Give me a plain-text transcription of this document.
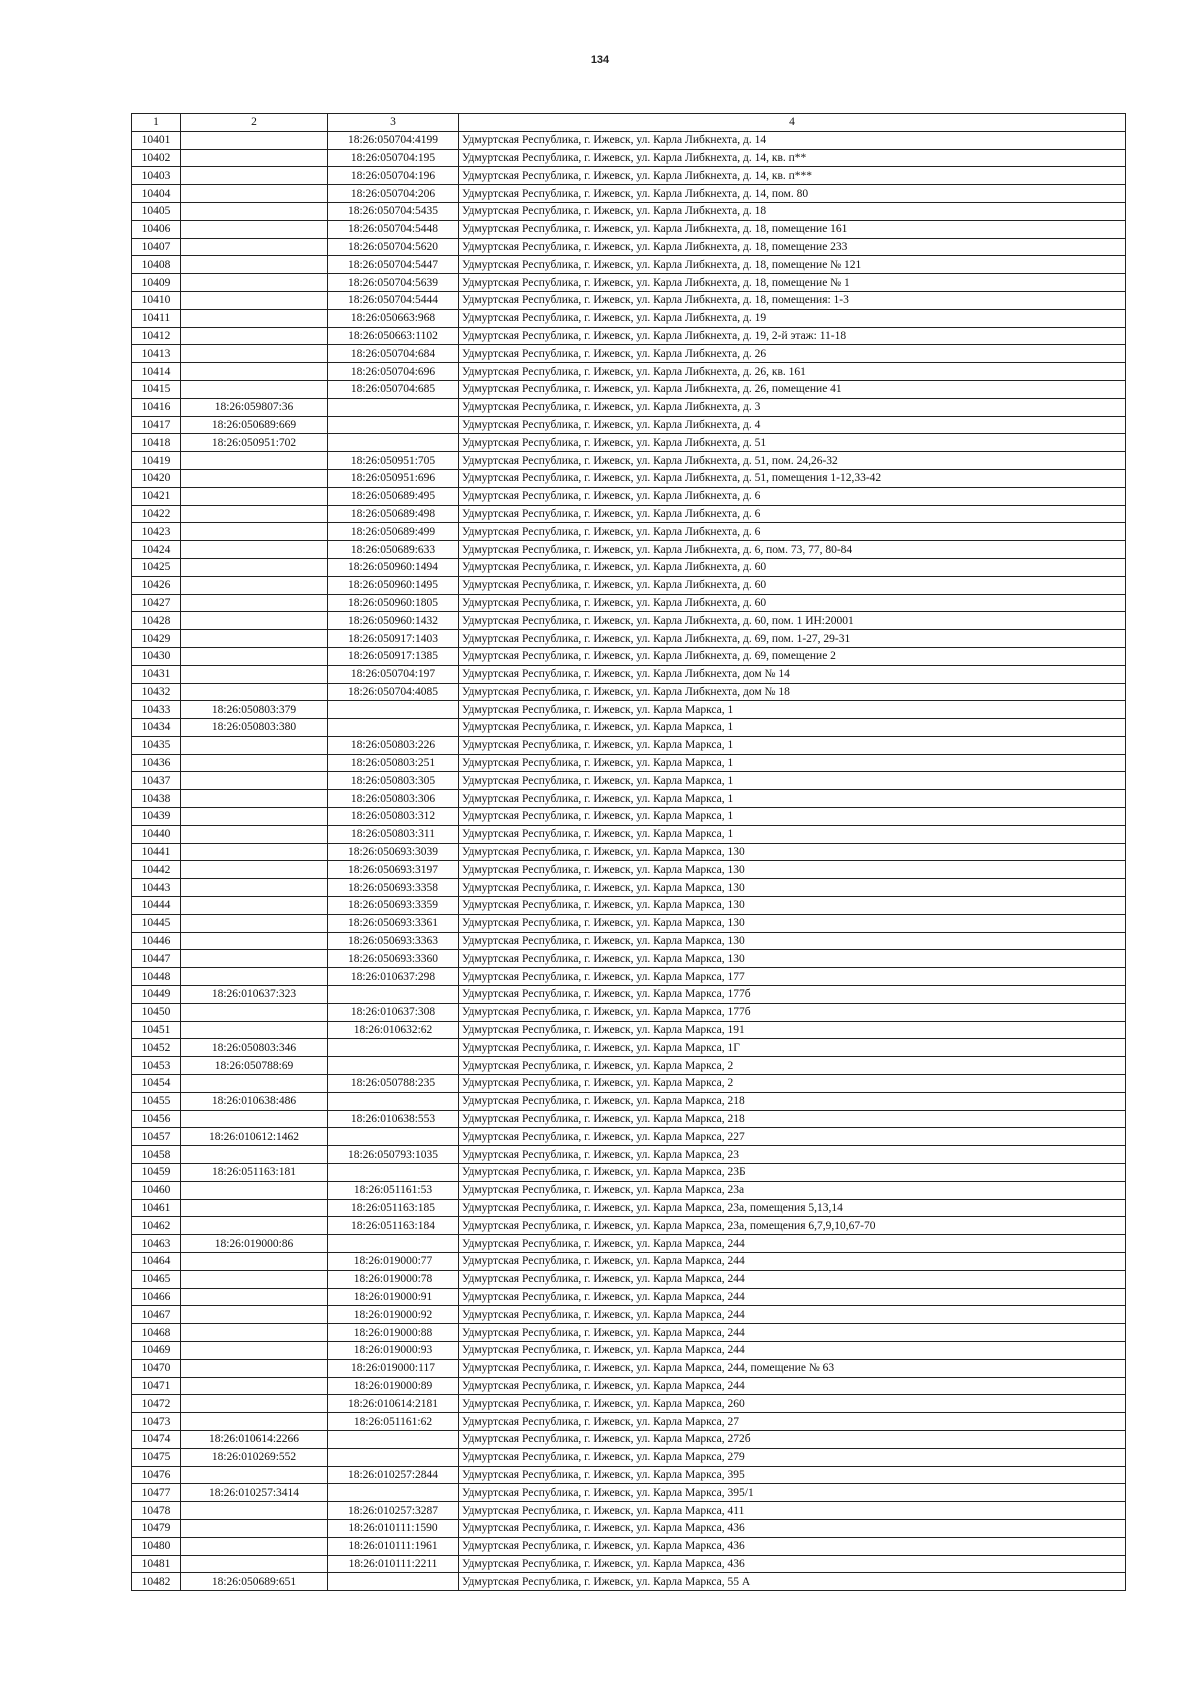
134
1	2	3	4
10401		18:26:050704:4199	Удмуртская Республика, г. Ижевск, ул. Карла Либкнехта, д. 14
10402		18:26:050704:195	Удмуртская Республика, г. Ижевск, ул. Карла Либкнехта, д. 14, кв. п**
10403		18:26:050704:196	Удмуртская Республика, г. Ижевск, ул. Карла Либкнехта, д. 14, кв. п***
10404		18:26:050704:206	Удмуртская Республика, г. Ижевск, ул. Карла Либкнехта, д. 14, пом. 80
10405		18:26:050704:5435	Удмуртская Республика, г. Ижевск, ул. Карла Либкнехта, д. 18
10406		18:26:050704:5448	Удмуртская Республика, г. Ижевск, ул. Карла Либкнехта, д. 18, помещение 161
10407		18:26:050704:5620	Удмуртская Республика, г. Ижевск, ул. Карла Либкнехта, д. 18, помещение 233
10408		18:26:050704:5447	Удмуртская Республика, г. Ижевск, ул. Карла Либкнехта, д. 18, помещение № 121
10409		18:26:050704:5639	Удмуртская Республика, г. Ижевск, ул. Карла Либкнехта, д. 18, помещение № 1
10410		18:26:050704:5444	Удмуртская Республика, г. Ижевск, ул. Карла Либкнехта, д. 18, помещения: 1-3
10411		18:26:050663:968	Удмуртская Республика, г. Ижевск, ул. Карла Либкнехта, д. 19
10412		18:26:050663:1102	Удмуртская Республика, г. Ижевск, ул. Карла Либкнехта, д. 19, 2-й этаж: 11-18
10413		18:26:050704:684	Удмуртская Республика, г. Ижевск, ул. Карла Либкнехта, д. 26
10414		18:26:050704:696	Удмуртская Республика, г. Ижевск, ул. Карла Либкнехта, д. 26, кв. 161
10415		18:26:050704:685	Удмуртская Республика, г. Ижевск, ул. Карла Либкнехта, д. 26, помещение 41
10416	18:26:059807:36		Удмуртская Республика, г. Ижевск, ул. Карла Либкнехта, д. 3
10417	18:26:050689:669		Удмуртская Республика, г. Ижевск, ул. Карла Либкнехта, д. 4
10418	18:26:050951:702		Удмуртская Республика, г. Ижевск, ул. Карла Либкнехта, д. 51
10419		18:26:050951:705	Удмуртская Республика, г. Ижевск, ул. Карла Либкнехта, д. 51, пом. 24,26-32
10420		18:26:050951:696	Удмуртская Республика, г. Ижевск, ул. Карла Либкнехта, д. 51, помещения 1-12,33-42
10421		18:26:050689:495	Удмуртская Республика, г. Ижевск, ул. Карла Либкнехта, д. 6
10422		18:26:050689:498	Удмуртская Республика, г. Ижевск, ул. Карла Либкнехта, д. 6
10423		18:26:050689:499	Удмуртская Республика, г. Ижевск, ул. Карла Либкнехта, д. 6
10424		18:26:050689:633	Удмуртская Республика, г. Ижевск, ул. Карла Либкнехта, д. 6, пом. 73, 77, 80-84
10425		18:26:050960:1494	Удмуртская Республика, г. Ижевск, ул. Карла Либкнехта, д. 60
10426		18:26:050960:1495	Удмуртская Республика, г. Ижевск, ул. Карла Либкнехта, д. 60
10427		18:26:050960:1805	Удмуртская Республика, г. Ижевск, ул. Карла Либкнехта, д. 60
10428		18:26:050960:1432	Удмуртская Республика, г. Ижевск, ул. Карла Либкнехта, д. 60, пом. 1 ИН:20001
10429		18:26:050917:1403	Удмуртская Республика, г. Ижевск, ул. Карла Либкнехта, д. 69, пом. 1-27, 29-31
10430		18:26:050917:1385	Удмуртская Республика, г. Ижевск, ул. Карла Либкнехта, д. 69, помещение 2
10431		18:26:050704:197	Удмуртская Республика, г. Ижевск, ул. Карла Либкнехта, дом № 14
10432		18:26:050704:4085	Удмуртская Республика, г. Ижевск, ул. Карла Либкнехта, дом № 18
10433	18:26:050803:379		Удмуртская Республика, г. Ижевск, ул. Карла Маркса, 1
10434	18:26:050803:380		Удмуртская Республика, г. Ижевск, ул. Карла Маркса, 1
10435		18:26:050803:226	Удмуртская Республика, г. Ижевск, ул. Карла Маркса, 1
10436		18:26:050803:251	Удмуртская Республика, г. Ижевск, ул. Карла Маркса, 1
10437		18:26:050803:305	Удмуртская Республика, г. Ижевск, ул. Карла Маркса, 1
10438		18:26:050803:306	Удмуртская Республика, г. Ижевск, ул. Карла Маркса, 1
10439		18:26:050803:312	Удмуртская Республика, г. Ижевск, ул. Карла Маркса, 1
10440		18:26:050803:311	Удмуртская Республика, г. Ижевск, ул. Карла Маркса, 1
10441		18:26:050693:3039	Удмуртская Республика, г. Ижевск, ул. Карла Маркса, 130
10442		18:26:050693:3197	Удмуртская Республика, г. Ижевск, ул. Карла Маркса, 130
10443		18:26:050693:3358	Удмуртская Республика, г. Ижевск, ул. Карла Маркса, 130
10444		18:26:050693:3359	Удмуртская Республика, г. Ижевск, ул. Карла Маркса, 130
10445		18:26:050693:3361	Удмуртская Республика, г. Ижевск, ул. Карла Маркса, 130
10446		18:26:050693:3363	Удмуртская Республика, г. Ижевск, ул. Карла Маркса, 130
10447		18:26:050693:3360	Удмуртская Республика, г. Ижевск, ул. Карла Маркса, 130
10448		18:26:010637:298	Удмуртская Республика, г. Ижевск, ул. Карла Маркса, 177
10449	18:26:010637:323		Удмуртская Республика, г. Ижевск, ул. Карла Маркса, 177б
10450		18:26:010637:308	Удмуртская Республика, г. Ижевск, ул. Карла Маркса, 177б
10451		18:26:010632:62	Удмуртская Республика, г. Ижевск, ул. Карла Маркса, 191
10452	18:26:050803:346		Удмуртская Республика, г. Ижевск, ул. Карла Маркса, 1Г
10453	18:26:050788:69		Удмуртская Республика, г. Ижевск, ул. Карла Маркса, 2
10454		18:26:050788:235	Удмуртская Республика, г. Ижевск, ул. Карла Маркса, 2
10455	18:26:010638:486		Удмуртская Республика, г. Ижевск, ул. Карла Маркса, 218
10456		18:26:010638:553	Удмуртская Республика, г. Ижевск, ул. Карла Маркса, 218
10457	18:26:010612:1462		Удмуртская Республика, г. Ижевск, ул. Карла Маркса, 227
10458		18:26:050793:1035	Удмуртская Республика, г. Ижевск, ул. Карла Маркса, 23
10459	18:26:051163:181		Удмуртская Республика, г. Ижевск, ул. Карла Маркса, 23Б
10460		18:26:051161:53	Удмуртская Республика, г. Ижевск, ул. Карла Маркса, 23а
10461		18:26:051163:185	Удмуртская Республика, г. Ижевск, ул. Карла Маркса, 23а, помещения 5,13,14
10462		18:26:051163:184	Удмуртская Республика, г. Ижевск, ул. Карла Маркса, 23а, помещения 6,7,9,10,67-70
10463	18:26:019000:86		Удмуртская Республика, г. Ижевск, ул. Карла Маркса, 244
10464		18:26:019000:77	Удмуртская Республика, г. Ижевск, ул. Карла Маркса, 244
10465		18:26:019000:78	Удмуртская Республика, г. Ижевск, ул. Карла Маркса, 244
10466		18:26:019000:91	Удмуртская Республика, г. Ижевск, ул. Карла Маркса, 244
10467		18:26:019000:92	Удмуртская Республика, г. Ижевск, ул. Карла Маркса, 244
10468		18:26:019000:88	Удмуртская Республика, г. Ижевск, ул. Карла Маркса, 244
10469		18:26:019000:93	Удмуртская Республика, г. Ижевск, ул. Карла Маркса, 244
10470		18:26:019000:117	Удмуртская Республика, г. Ижевск, ул. Карла Маркса, 244, помещение № 63
10471		18:26:019000:89	Удмуртская Республика, г. Ижевск, ул. Карла Маркса, 244
10472		18:26:010614:2181	Удмуртская Республика, г. Ижевск, ул. Карла Маркса, 260
10473		18:26:051161:62	Удмуртская Республика, г. Ижевск, ул. Карла Маркса, 27
10474	18:26:010614:2266		Удмуртская Республика, г. Ижевск, ул. Карла Маркса, 272б
10475	18:26:010269:552		Удмуртская Республика, г. Ижевск, ул. Карла Маркса, 279
10476		18:26:010257:2844	Удмуртская Республика, г. Ижевск, ул. Карла Маркса, 395
10477	18:26:010257:3414		Удмуртская Республика, г. Ижевск, ул. Карла Маркса, 395/1
10478		18:26:010257:3287	Удмуртская Республика, г. Ижевск, ул. Карла Маркса, 411
10479		18:26:010111:1590	Удмуртская Республика, г. Ижевск, ул. Карла Маркса, 436
10480		18:26:010111:1961	Удмуртская Республика, г. Ижевск, ул. Карла Маркса, 436
10481		18:26:010111:2211	Удмуртская Республика, г. Ижевск, ул. Карла Маркса, 436
10482	18:26:050689:651		Удмуртская Республика, г. Ижевск, ул. Карла Маркса, 55 А
